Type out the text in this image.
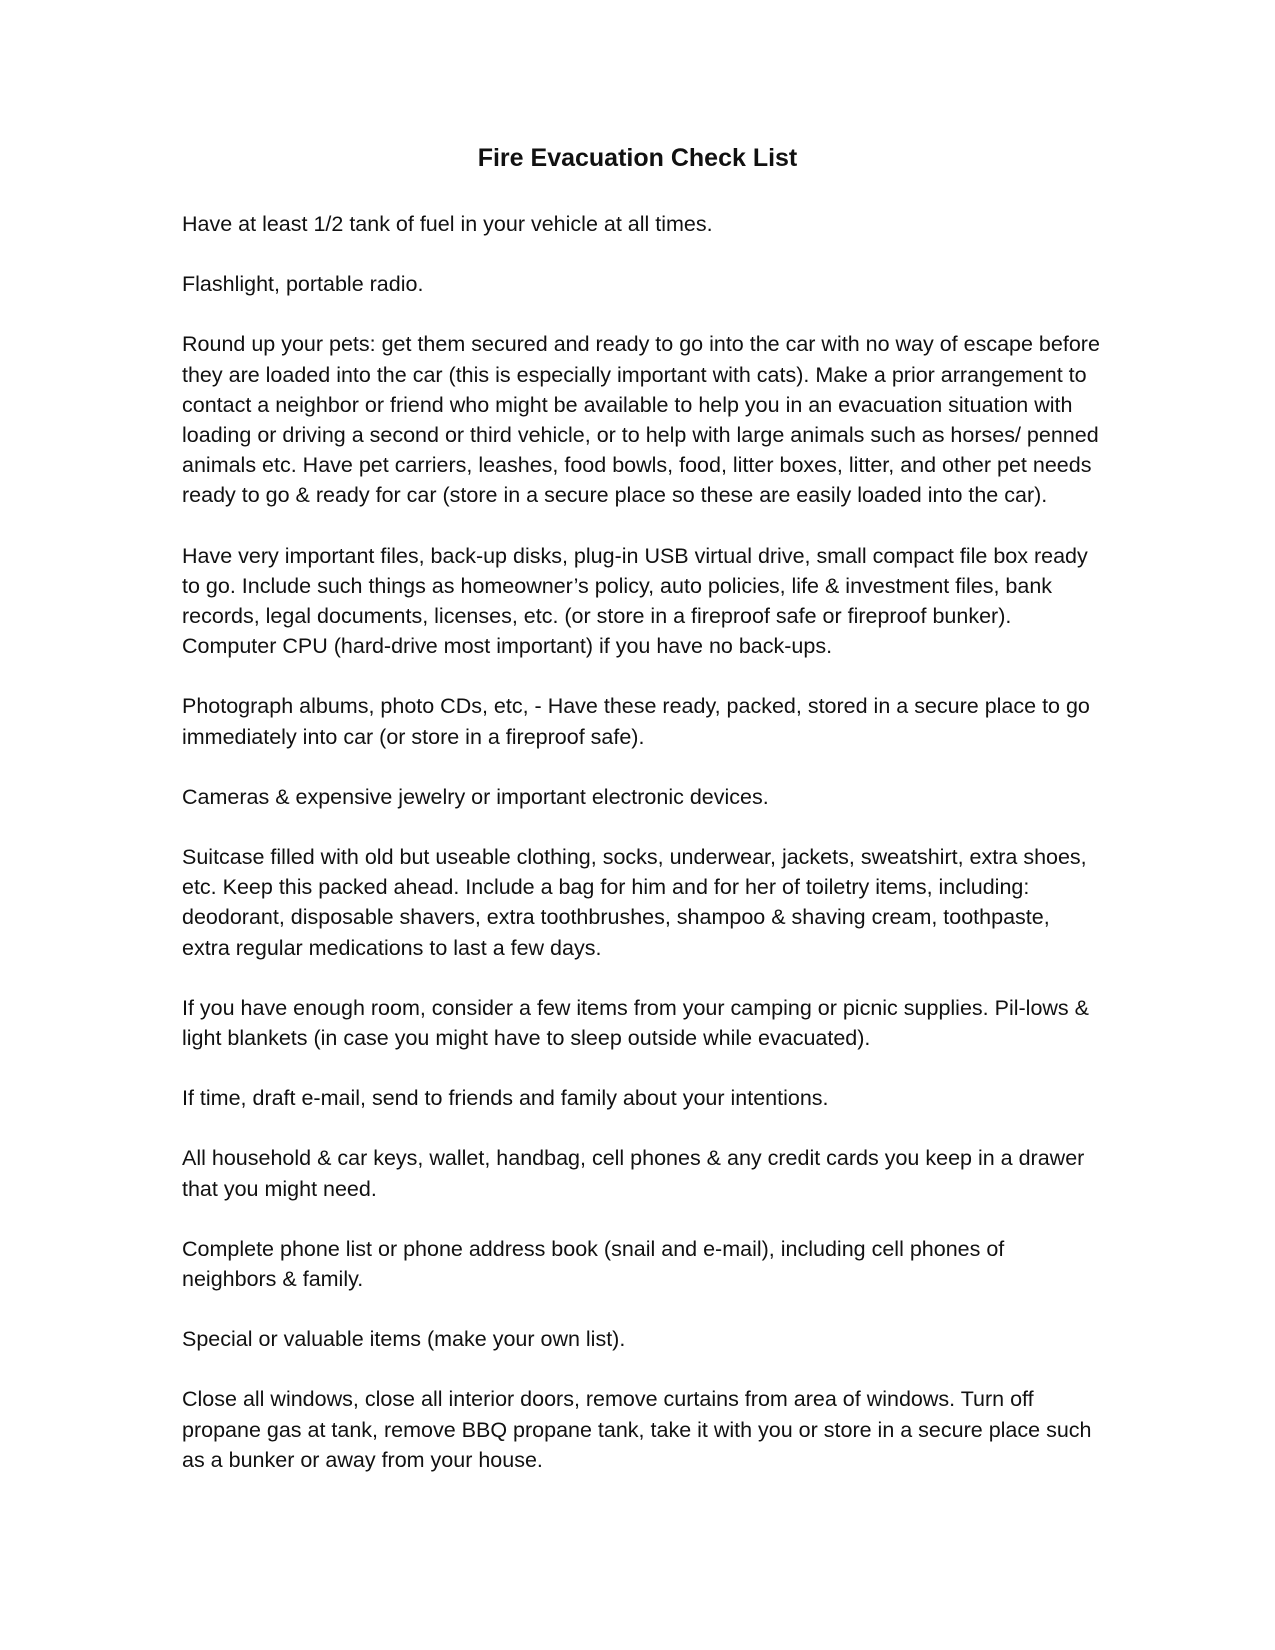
Fire Evacuation Check List

Have at least 1/2 tank of fuel in your vehicle at all times.

Flashlight, portable radio.

Round up your pets: get them secured and ready to go into the car with no way of escape before they are loaded into the car (this is especially important with cats). Make a prior arrangement to contact a neighbor or friend who might be available to help you in an evacuation situation with loading or driving a second or third vehicle, or to help with large animals such as horses/ penned animals etc. Have pet carriers, leashes, food bowls, food, litter boxes, litter, and other pet needs ready to go & ready for car (store in a secure place so these are easily loaded into the car).

Have very important files, back-up disks, plug-in USB virtual drive, small compact file box ready to go. Include such things as homeowner’s policy, auto policies, life & investment files, bank records, legal documents, licenses, etc. (or store in a fireproof safe or fireproof bunker). Computer CPU (hard-drive most important) if you have no back-ups.

Photograph albums, photo CDs, etc, - Have these ready, packed, stored in a secure place to go immediately into car (or store in a fireproof safe).

Cameras & expensive jewelry or important electronic devices.

Suitcase filled with old but useable clothing, socks, underwear, jackets, sweatshirt, extra shoes, etc. Keep this packed ahead. Include a bag for him and for her of toiletry items, including: deodorant, disposable shavers, extra toothbrushes, shampoo & shaving cream, toothpaste, extra regular medications to last a few days.

If you have enough room, consider a few items from your camping or picnic supplies. Pil-lows & light blankets (in case you might have to sleep outside while evacuated).

If time, draft e-mail, send to friends and family about your intentions.

All household & car keys, wallet, handbag, cell phones & any credit cards you keep in a drawer that you might need.

Complete phone list or phone address book (snail and e-mail), including cell phones of neighbors & family.

Special or valuable items (make your own list).

Close all windows, close all interior doors, remove curtains from area of windows. Turn off propane gas at tank, remove BBQ propane tank, take it with you or store in a secure place such as a bunker or away from your house.
